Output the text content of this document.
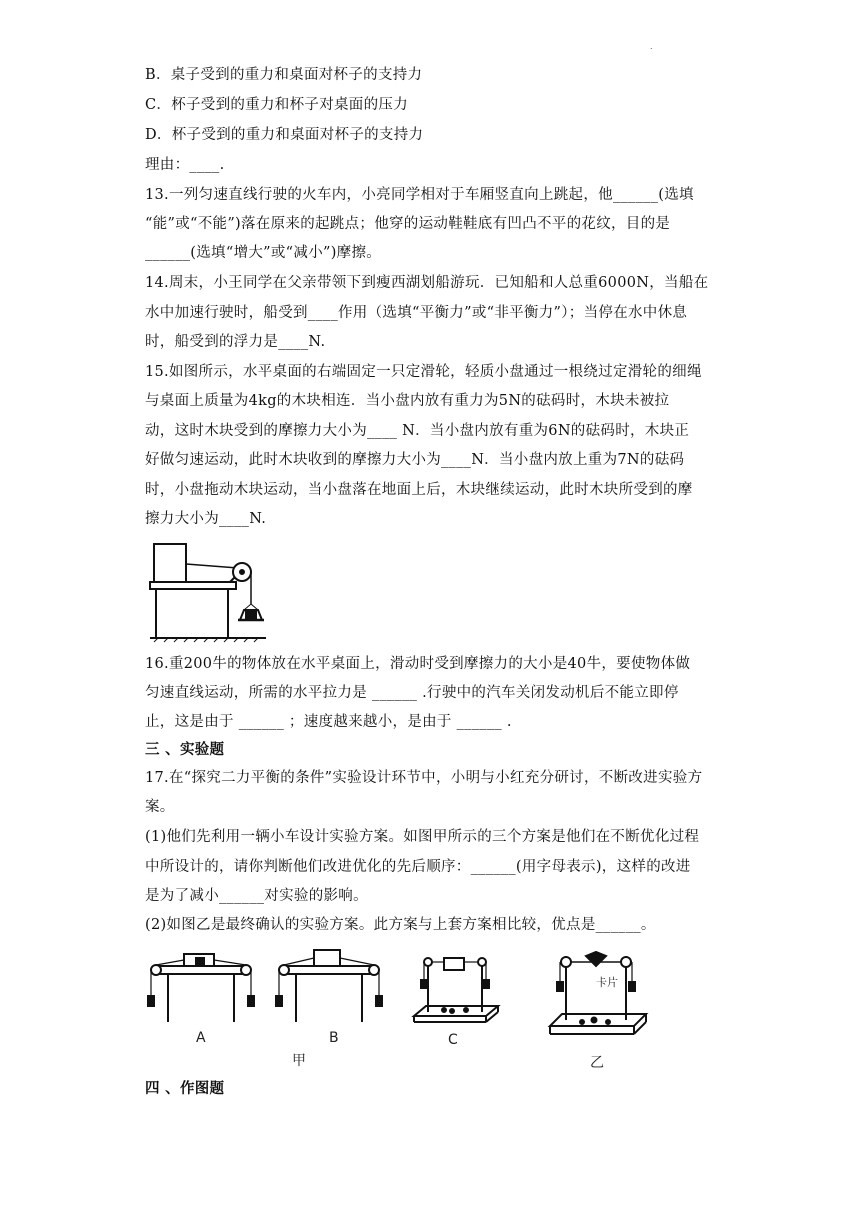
.
B．桌子受到的重力和桌面对杯子的支持力
C．杯子受到的重力和杯子对桌面的压力
D．杯子受到的重力和桌面对杯子的支持力
理由：____.
13.一列匀速直线行驶的火车内，小亮同学相对于车厢竖直向上跳起，他______(选填
“能”或“不能”)落在原来的起跳点；他穿的运动鞋鞋底有凹凸不平的花纹，目的是
______(选填“增大”或“减小”)摩擦。
14.周末，小王同学在父亲带领下到瘦西湖划船游玩．已知船和人总重6000N，当船在
水中加速行驶时，船受到____作用（选填“平衡力”或“非平衡力”）；当停在水中休息
时，船受到的浮力是____N.
15.如图所示，水平桌面的右端固定一只定滑轮，轻质小盘通过一根绕过定滑轮的细绳
与桌面上质量为4kg的木块相连．当小盘内放有重力为5N的砝码时，木块未被拉
动，这时木块受到的摩擦力大小为____ N．当小盘内放有重为6N的砝码时，木块正
好做匀速运动，此时木块收到的摩擦力大小为____N．当小盘内放上重为7N的砝码
时，小盘拖动木块运动，当小盘落在地面上后，木块继续运动，此时木块所受到的摩
擦力大小为____N.
16.重200牛的物体放在水平桌面上，滑动时受到摩擦力的大小是40牛，要使物体做
匀速直线运动，所需的水平拉力是 ______ .行驶中的汽车关闭发动机后不能立即停
止，这是由于 ______ ；速度越来越小，是由于 ______ .
三 、实验题
17.在“探究二力平衡的条件”实验设计环节中，小明与小红充分研讨，不断改进实验方
案。
(1)他们先利用一辆小车设计实验方案。如图甲所示的三个方案是他们在不断优化过程
中所设计的，请你判断他们改进优化的先后顺序：______(用字母表示)，这样的改进
是为了减小______对实验的影响。
(2)如图乙是最终确认的实验方案。此方案与上套方案相比较，优点是______。
四 、作图题
卡片
A	B	C
乙
甲
